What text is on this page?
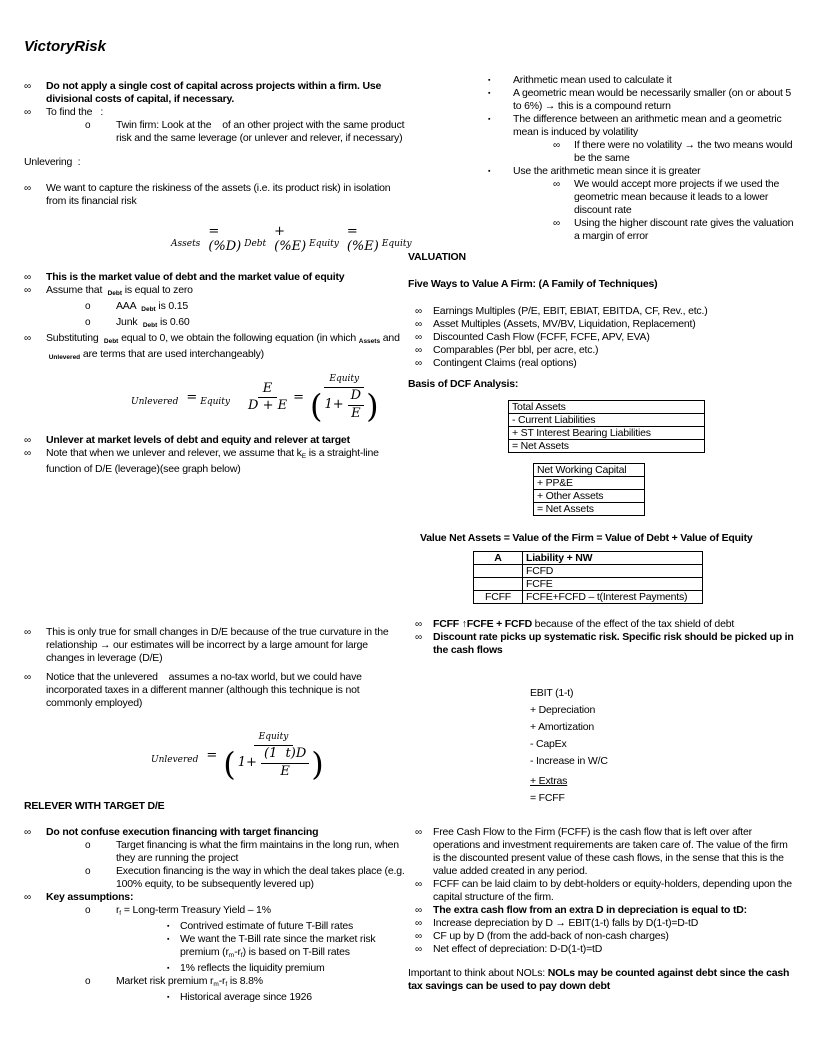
VictoryRisk
∞ Do not apply a single cost of capital across projects within a firm. Use divisional costs of capital, if necessary.
∞ To find the   :
o Twin firm: Look at the    of an other project with the same product risk and the same leverage (or unlever and relever, if necessary)
Unlevering  :
∞ We want to capture the riskiness of the assets (i.e. its product risk) in isolation from its financial risk
Assets
= (%D) Debt
+ (%E) Equity
= (%E) Equity
∞ This is the market value of debt and the market value of equity
∞ Assume that  $_{Debt}$ is equal to zero
o AAA  $_{Debt}$ is 0.15
o Junk  $_{Debt}$ is 0.60
∞ Substituting  $_{Debt}$ equal to 0, we obtain the following equation (in which $_{Assets}$ and  $_{Unlevered}$ are terms that are used interchangeably)
Unlevered = Equity $\frac{E}{D + E}$ =
Equity
( $1+ \frac{D}{E}$ )
∞ Unlever at market levels of debt and equity and relever at target
∞ Note that when we unlever and relever, we assume that $k_E$ is a straight-line function of D/E (leverage)(see graph below)
∞ This is only true for small changes in D/E because of the true curvature in the relationship → our estimates will be incorrect by a large amount for large changes in leverage (D/E)
∞ Notice that the unlevered    assumes a no-tax world, but we could have incorporated taxes in a different manner (although this technique is not commonly employed)
Unlevered =
Equity
( $1+ \frac{(1 t)D}{E}$ )
RELEVER WITH TARGET D/E
∞ Do not confuse execution financing with target financing
o Target financing is what the firm maintains in the long run, when they are running the project
o Execution financing is the way in which the deal takes place (e.g. 100% equity, to be subsequently levered up)
∞ Key assumptions:
o $r_f$ = Long-term Treasury Yield – 1%
▪ Contrived estimate of future T-Bill rates
▪ We want the T-Bill rate since the market risk premium $(r_m-r_f)$ is based on T-Bill rates
▪ 1% reflects the liquidity premium
o Market risk premium $r_m-r_f$ is 8.8%
▪ Historical average since 1926
▪ Arithmetic mean used to calculate it
▪ A geometric mean would be necessarily smaller (on or about 5 to 6%) → this is a compound return
▪ The difference between an arithmetic mean and a geometric mean is induced by volatility
∞ If there were no volatility → the two means would be the same
▪ Use the arithmetic mean since it is greater
∞ We would accept more projects if we used the geometric mean because it leads to a lower discount rate
∞ Using the higher discount rate gives the valuation a margin of error
VALUATION
Five Ways to Value A Firm: (A Family of Techniques)
∞ Earnings Multiples (P/E, EBIT, EBIAT, EBITDA, CF, Rev., etc.)
∞ Asset Multiples (Assets, MV/BV, Liquidation, Replacement)
∞ Discounted Cash Flow (FCFF, FCFE, APV, EVA)
∞ Comparables (Per bbl, per acre, etc.)
∞ Contingent Claims (real options)
Basis of DCF Analysis:
Total Assets
- Current Liabilities
+ ST Interest Bearing Liabilities
= Net Assets
Net Working Capital
+ PP&E
+ Other Assets
= Net Assets
Value Net Assets = Value of the Firm = Value of Debt + Value of Equity
A	Liability + NW
	FCFD
	FCFE
FCFF	FCFE+FCFD – t(Interest Payments)
∞ FCFF ↑FCFE + FCFD because of the effect of the tax shield of debt
∞ Discount rate picks up systematic risk. Specific risk should be picked up in the cash flows
EBIT (1-t)
+ Depreciation
+ Amortization
- CapEx
- Increase in W/C
+ Extras
= FCFF
∞ Free Cash Flow to the Firm (FCFF) is the cash flow that is left over after operations and investment requirements are taken care of. The value of the firm is the discounted present value of these cash flows, in the sense that this is the value added created in any period.
∞ FCFF can be laid claim to by debt-holders or equity-holders, depending upon the capital structure of the firm.
∞ The extra cash flow from an extra D in depreciation is equal to tD:
∞ Increase depreciation by D → EBIT(1-t) falls by D(1-t)=D-tD
∞ CF up by D (from the add-back of non-cash charges)
∞ Net effect of depreciation: D-D(1-t)=tD
Important to think about NOLs: NOLs may be counted against debt since the cash tax savings can be used to pay down debt
